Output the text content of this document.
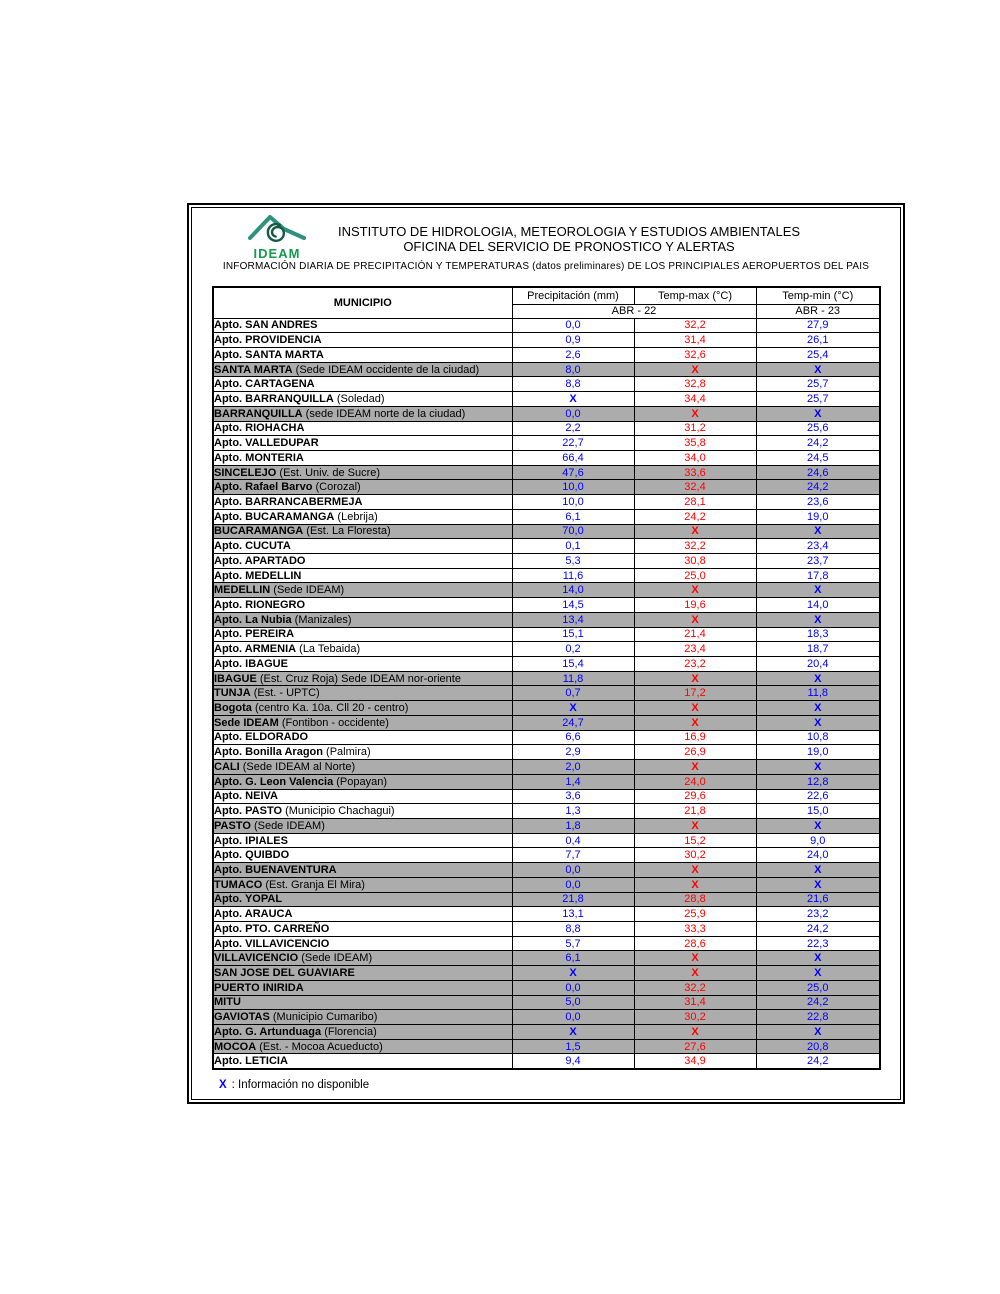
IDEAM
INSTITUTO DE HIDROLOGIA, METEOROLOGIA Y ESTUDIOS AMBIENTALES
OFICINA DEL SERVICIO DE PRONOSTICO Y ALERTAS
INFORMACIÓN DIARIA DE PRECIPITACIÓN Y TEMPERATURAS (datos preliminares) DE LOS PRINCIPIALES AEROPUERTOS DEL PAIS
MUNICIPIO	Precipitación (mm)	Temp-max (°C)	Temp-min (°C)
	ABR - 22		ABR - 23
Apto. SAN ANDRES	0,0	32,2	27,9
Apto. PROVIDENCIA	0,9	31,4	26,1
Apto. SANTA MARTA	2,6	32,6	25,4
SANTA MARTA (Sede IDEAM occidente de la ciudad)	8,0	X	X
Apto. CARTAGENA	8,8	32,8	25,7
Apto. BARRANQUILLA (Soledad)	X	34,4	25,7
BARRANQUILLA (sede IDEAM norte de la ciudad)	0,0	X	X
Apto. RIOHACHA	2,2	31,2	25,6
Apto. VALLEDUPAR	22,7	35,8	24,2
Apto. MONTERIA	66,4	34,0	24,5
SINCELEJO (Est. Univ. de Sucre)	47,6	33,6	24,6
Apto. Rafael Barvo (Corozal)	10,0	32,4	24,2
Apto. BARRANCABERMEJA	10,0	28,1	23,6
Apto. BUCARAMANGA (Lebrija)	6,1	24,2	19,0
BUCARAMANGA (Est. La Floresta)	70,0	X	X
Apto. CUCUTA	0,1	32,2	23,4
Apto. APARTADO	5,3	30,8	23,7
Apto. MEDELLIN	11,6	25,0	17,8
MEDELLIN (Sede IDEAM)	14,0	X	X
Apto. RIONEGRO	14,5	19,6	14,0
Apto. La Nubia (Manizales)	13,4	X	X
Apto. PEREIRA	15,1	21,4	18,3
Apto. ARMENIA (La Tebaida)	0,2	23,4	18,7
Apto. IBAGUE	15,4	23,2	20,4
IBAGUE (Est. Cruz Roja) Sede IDEAM nor-oriente	11,8	X	X
TUNJA (Est. - UPTC)	0,7	17,2	11,8
Bogota (centro Ka. 10a. Cll 20 - centro)	X	X	X
Sede IDEAM (Fontibon - occidente)	24,7	X	X
Apto. ELDORADO	6,6	16,9	10,8
Apto. Bonilla Aragon (Palmira)	2,9	26,9	19,0
CALI (Sede IDEAM al Norte)	2,0	X	X
Apto. G. Leon Valencia (Popayan)	1,4	24,0	12,8
Apto. NEIVA	3,6	29,6	22,6
Apto. PASTO (Municipio Chachagui)	1,3	21,8	15,0
PASTO (Sede IDEAM)	1,8	X	X
Apto. IPIALES	0,4	15,2	9,0
Apto. QUIBDO	7,7	30,2	24,0
Apto. BUENAVENTURA	0,0	X	X
TUMACO (Est. Granja El Mira)	0,0	X	X
Apto. YOPAL	21,8	28,8	21,6
Apto. ARAUCA	13,1	25,9	23,2
Apto. PTO. CARREÑO	8,8	33,3	24,2
Apto. VILLAVICENCIO	5,7	28,6	22,3
VILLAVICENCIO (Sede IDEAM)	6,1	X	X
SAN JOSE DEL GUAVIARE	X	X	X
PUERTO INIRIDA	0,0	32,2	25,0
MITU	5,0	31,4	24,2
GAVIOTAS (Municipio Cumaribo)	0,0	30,2	22,8
Apto. G. Artunduaga (Florencia)	X	X	X
MOCOA (Est. - Mocoa Acueducto)	1,5	27,6	20,8
Apto. LETICIA	9,4	34,9	24,2
X : Información no disponible
